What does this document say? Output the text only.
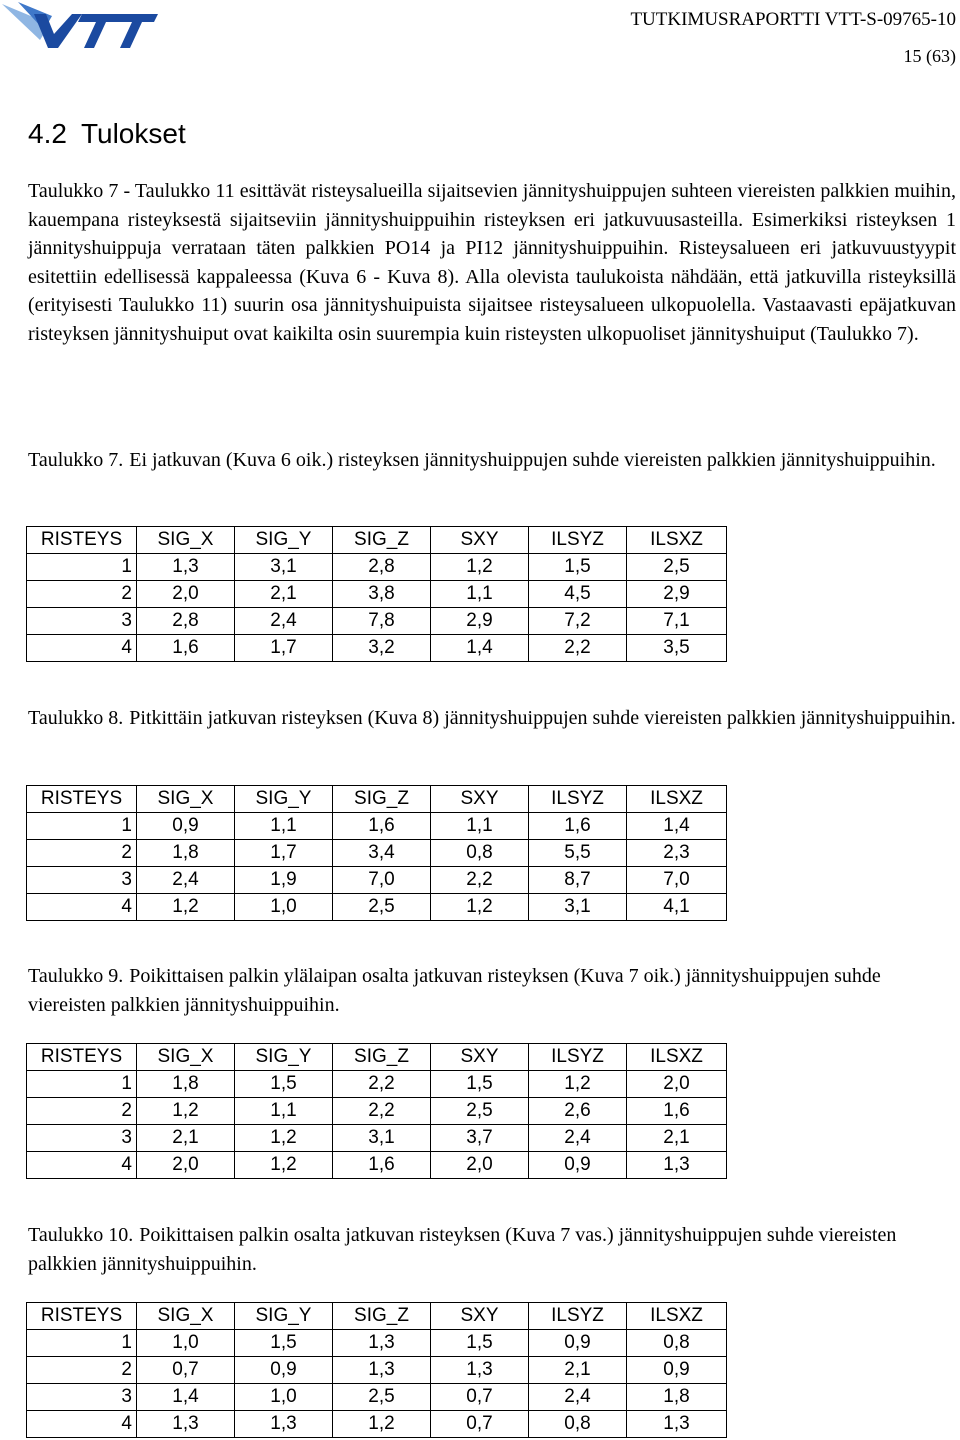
TUTKIMUSRAPORTTI VTT-S-09765-10
15 (63)
4.2 Tulokset

Taulukko 7 - Taulukko 11 esittävät risteysalueilla sijaitsevien jännityshuippujen suhteen viereisten palkkien muihin, kauempana risteyksestä sijaitseviin jännityshuippuihin risteyksen eri jatkuvuusasteilla. Esimerkiksi risteyksen 1 jännityshuippuja verrataan täten palkkien PO14 ja PI12 jännityshuippuihin. Risteysalueen eri jatkuvuustyypit esitettiin edellisessä kappaleessa (Kuva 6 - Kuva 8). Alla olevista taulukoista nähdään, että jatkuvilla risteyksillä (erityisesti Taulukko 11) suurin osa jännityshuipuista sijaitsee risteysalueen ulkopuolella. Vastaavasti epäjatkuvan risteyksen jännityshuiput ovat kaikilta osin suurempia kuin risteysten ulkopuoliset jännityshuiput (Taulukko 7).

Taulukko 7. Ei jatkuvan (Kuva 6 oik.) risteyksen jännityshuippujen suhde viereisten palkkien jännityshuippuihin.

RISTEYS	SIG_X	SIG_Y	SIG_Z	SXY	ILSYZ	ILSXZ
1	1,3	3,1	2,8	1,2	1,5	2,5
2	2,0	2,1	3,8	1,1	4,5	2,9
3	2,8	2,4	7,8	2,9	7,2	7,1
4	1,6	1,7	3,2	1,4	2,2	3,5

Taulukko 8. Pitkittäin jatkuvan risteyksen (Kuva 8) jännityshuippujen suhde viereisten palkkien jännityshuippuihin.

RISTEYS	SIG_X	SIG_Y	SIG_Z	SXY	ILSYZ	ILSXZ
1	0,9	1,1	1,6	1,1	1,6	1,4
2	1,8	1,7	3,4	0,8	5,5	2,3
3	2,4	1,9	7,0	2,2	8,7	7,0
4	1,2	1,0	2,5	1,2	3,1	4,1

Taulukko 9. Poikittaisen palkin ylälaipan osalta jatkuvan risteyksen (Kuva 7 oik.) jännityshuippujen suhde viereisten palkkien jännityshuippuihin.

RISTEYS	SIG_X	SIG_Y	SIG_Z	SXY	ILSYZ	ILSXZ
1	1,8	1,5	2,2	1,5	1,2	2,0
2	1,2	1,1	2,2	2,5	2,6	1,6
3	2,1	1,2	3,1	3,7	2,4	2,1
4	2,0	1,2	1,6	2,0	0,9	1,3

Taulukko 10. Poikittaisen palkin osalta jatkuvan risteyksen (Kuva 7 vas.) jännityshuippujen suhde viereisten palkkien jännityshuippuihin.

RISTEYS	SIG_X	SIG_Y	SIG_Z	SXY	ILSYZ	ILSXZ
1	1,0	1,5	1,3	1,5	0,9	0,8
2	0,7	0,9	1,3	1,3	2,1	0,9
3	1,4	1,0	2,5	0,7	2,4	1,8
4	1,3	1,3	1,2	0,7	0,8	1,3
